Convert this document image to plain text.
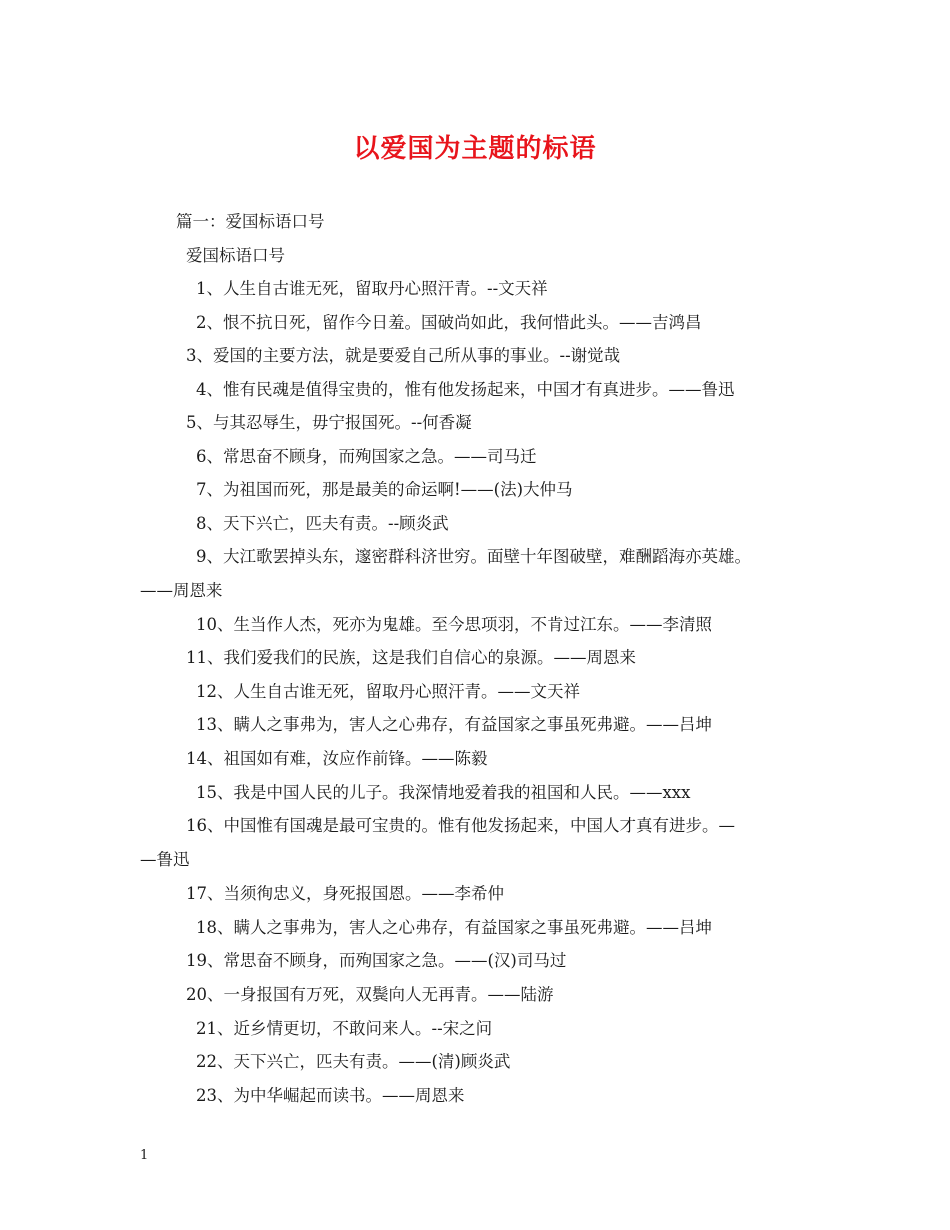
以爱国为主题的标语
篇一：爱国标语口号
爱国标语口号
1、人生自古谁无死，留取丹心照汗青。--文天祥
2、恨不抗日死，留作今日羞。国破尚如此，我何惜此头。——吉鸿昌
3、爱国的主要方法，就是要爱自己所从事的事业。--谢觉哉
4、惟有民魂是值得宝贵的，惟有他发扬起来，中国才有真进步。——鲁迅
5、与其忍辱生，毋宁报国死。--何香凝
6、常思奋不顾身，而殉国家之急。——司马迁
7、为祖国而死，那是最美的命运啊!——(法)大仲马
8、天下兴亡，匹夫有责。--顾炎武
9、大江歌罢掉头东，邃密群科济世穷。面壁十年图破壁，难酬蹈海亦英雄。
——周恩来
10、生当作人杰，死亦为鬼雄。至今思项羽，不肯过江东。——李清照
11、我们爱我们的民族，这是我们自信心的泉源。——周恩来
12、人生自古谁无死，留取丹心照汗青。——文天祥
13、瞒人之事弗为，害人之心弗存，有益国家之事虽死弗避。——吕坤
14、祖国如有难，汝应作前锋。——陈毅
15、我是中国人民的儿子。我深情地爱着我的祖国和人民。——xxx
16、中国惟有国魂是最可宝贵的。惟有他发扬起来，中国人才真有进步。—
—鲁迅
17、当须徇忠义，身死报国恩。——李希仲
18、瞒人之事弗为，害人之心弗存，有益国家之事虽死弗避。——吕坤
19、常思奋不顾身，而殉国家之急。——(汉)司马过
20、一身报国有万死，双鬓向人无再青。——陆游
21、近乡情更切，不敢问来人。--宋之问
22、天下兴亡，匹夫有责。——(清)顾炎武
23、为中华崛起而读书。——周恩来
1
